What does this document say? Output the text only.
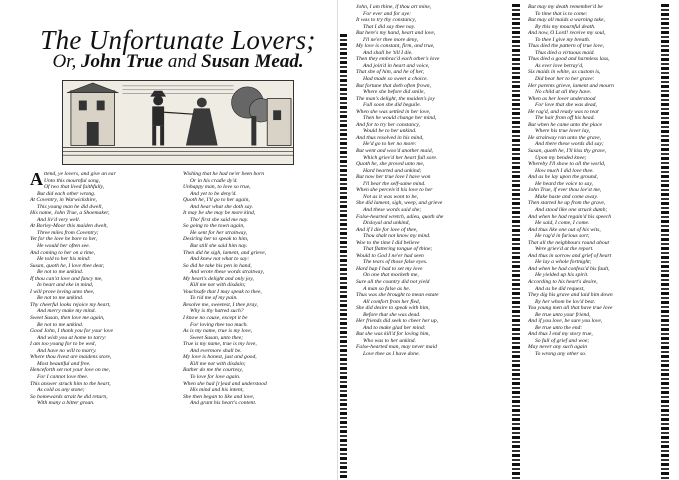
The Unfortunate Lovers;
Or, John True and Susan Mead.
A ttend, ye lovers, and give an ear
Unto this mournful song,
Of two that lived faithfully,
But did each other wrong.
At Coventry, in Warwickshire,
This young man he did dwell,
His name, John True, a Shoemaker,
And liv'd very well.
At Borley-Moor this maiden dwelt,
Three miles from Coventry;
Yet for the love he bore to her,
He would her often see.
And coming to her on a time,
He told to her his mind:
Susan, quoth he, I love thee dear,
Be not to me unkind.
If thou can'st love and fancy me,
In heart and eke in mind,
I will prove loving unto thee,
Be not to me unkind.
Thy cheerful looks rejoice my heart,
And merry make my mind.
Sweet Susan, then love me again,
Be not to me unkind.
Good John, I thank you for your love
And wish you at home to tarry:
I am too young for to be wed,
And have no will to marry.
Where thou livest are maidens store,
Most beautiful and free.
Henceforth set not your love on me,
For I cannot love thee.
This answer struck him to the heart,
As cold as any stone;
So homewards strait he did return,
With many a bitter groan.
Wishing that he had ne'er been born
Or in his cradle dy'd.
Unhappy man, to love so true,
And yet to be deny'd.
Quoth he, I'll go to her again,
And hear what she doth say.
It may be she may be more kind,
Tho' first she said me nay.
So going to the town again,
He sent for her straitway,
Desiring her to speak to him,
But still she said him nay.
Then did he sigh, lament, and grieve,
And knew not what to say:
So did he take his pen in hand,
And wrote these words straitway,
My heart's delight and only joy,
Kill me not with disdain;
Vouchsafe that I may speak to thee,
To rid me of my pain.
Resolve me, sweetest, I thee pray,
Why is thy hatred such?
I know no cause, except it be
For loving thee too much.
As is my name, true is my love,
Sweet Susan, unto thee;
True is my name, true is my love,
And evermore shall be.
My love is honest, just and good,
Kill me not with disdain;
Rather do me the courtesy,
To love for love again.
When she had [r]ead and understood
His mind and his intent,
She then began to like and love,
And grant his heart's content.
John, I am thine, if thou art mine,
For ever and for aye:
It was to try thy constancy,
That I did say thee nay.
But here's my hand, heart and love,
I'll ne'er thee more deny,
My love is constant, firm, and true,
And shall be 'till I die.
Then they embrac'd each other's love
And join'd in heart and voice,
That she of him, and he of her,
Had made so sweet a choice.
But fortune that doth often frown,
Where she before did smile,
The man's delight, the maiden's joy
Full soon she did beguile.
When she was settled in her love,
Then he would change her mind,
And for to try her constancy,
Would be to her unkind.
And thus resolved in his mind,
He'd go to her no more:
But went and woo'd another maid,
Which griev'd her heart full sore.
Quoth he, she proved unto me,
Hard hearted and unkind;
But now her true love I have won
I'll bear the self-same mind.
When she perceiv'd his love to her
Not as it was wont to be,
She did lament, sigh, weep, and grieve
And these words said she;
False-hearted wretch, adieu, quoth she
Disloyal and unkind,
And if I die for love of thee,
Thou shalt not know my mind.
Woe to the time I did believe
That flattering tongue of thine;
Would to God I ne'er had seen
The tears of those false eyes.
Hard hap I had to set my love
On one that mocketh me,
Sure all the country did not yield
A man so false as he.
Thus was she brought to mean estate
All comfort from her fled,
She did desire to speak with him,
Before that she was dead.
Her friends did seek to cheer her up,
And to make glad her mind:
But she was kill'd for loving him,
Who was to her unkind.
False-hearted man, may never maid
Love thee as I have done.
But may my death remember'd be
To time that is to come:
But may all maids a warning take,
By this my mournful death.
And now, O Lord! receive my soul,
To thee I give my breath.
Thus died the pattern of true love,
Thus died a virtuous maid.
Thus died a good and harmless lass,
As ever love betray'd,
Six maids in white, as custom is,
Did bear her to her grave:
Her parents grieve, lament and mourn
No child at all they have.
When as her lover understood
For love that she was dead,
He rag'd, and ready was to tear
The hair from off his head.
But when he came unto the place
Where his true lover lay,
He straitway ran unto the grave,
And there these words did say;
Susan, quoth he, I'll kiss thy grave,
Upon my bended knee;
Whereby I'll show to all the world,
How much I did love thee.
And as he lay upon the ground,
He heard the voice to say,
John True, if ever thou lov'st me,
Make haste and come away.
Then started he up from the grave,
And stood like one struck dumb;
And when he had regain'd his speech
He said, I come, I come.
And thus like one out of his wits,
He rag'd in furious sort;
That all the neighbours round about
Were griev'd at the report.
And thus in sorrow and grief of heart
He lay a whole fortnight;
And when he had confess'd his fault,
He yielded up his spirit.
According to his heart's desire,
And as he did request,
They dig his grave and laid him down
By her whom he lov'd best.
You young men all that have true love
Be true unto your friend,
And if you love, be sure you love,
Be true unto the end:
And thus I end my story true,
So full of grief and woe;
May never any such again
To wrong any other so.
